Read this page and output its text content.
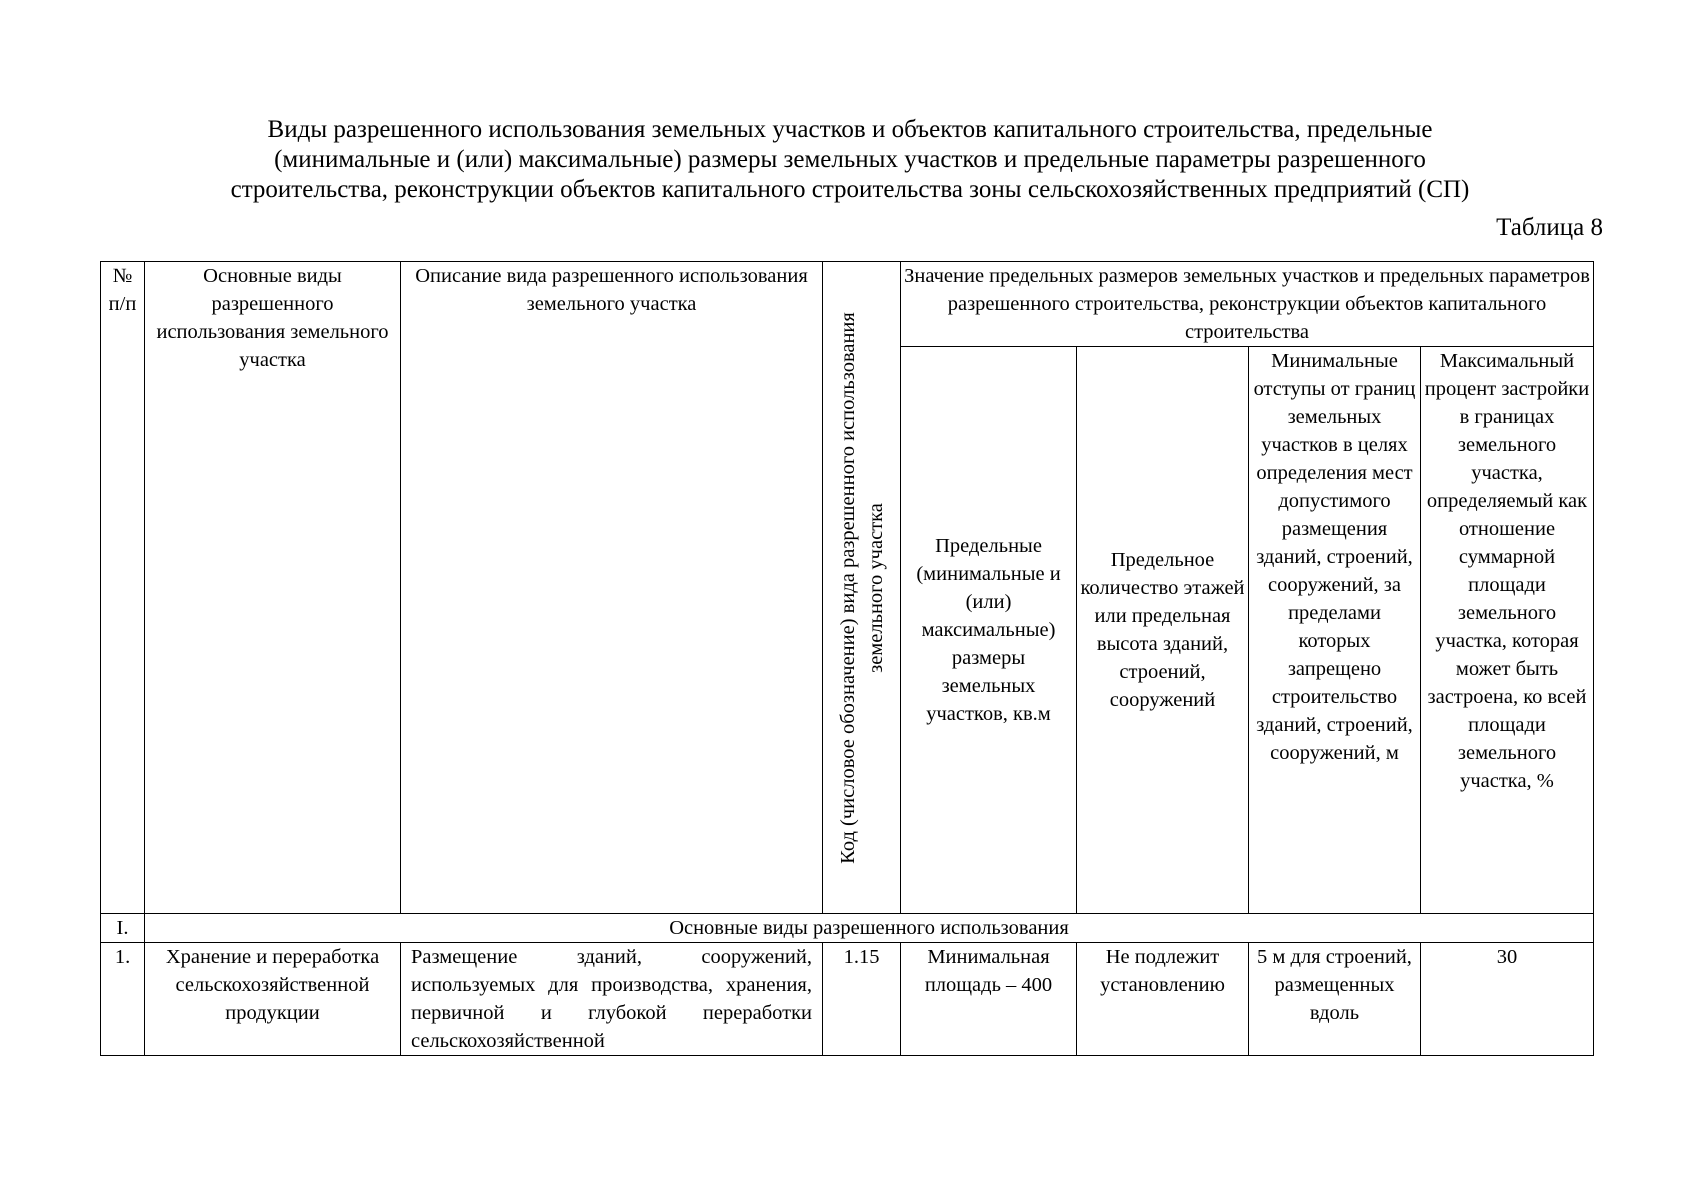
Виды разрешенного использования земельных участков и объектов капитального строительства, предельные
(минимальные и (или) максимальные) размеры земельных участков и предельные параметры разрешенного
строительства, реконструкции объектов капитального строительства зоны сельскохозяйственных предприятий (СП)
Таблица 8
№ п/п	Основные виды разрешенного использования земельного участка	Описание вида разрешенного использования земельного участка	Код (числовое обозначение) вида разрешенного использования земельного участка	Значение предельных размеров земельных участков и предельных параметров разрешенного строительства, реконструкции объектов капитального строительства			
				Предельные (минимальные и (или) максимальные) размеры земельных участков, кв.м	Предельное количество этажей или предельная высота зданий, строений, сооружений	Минимальные отступы от границ земельных участков в целях определения мест допустимого размещения зданий, строений, сооружений, за пределами которых запрещено строительство зданий, строений, сооружений, м	Максимальный процент застройки в границах земельного участка, определяемый как отношение суммарной площади земельного участка, которая может быть застроена, ко всей площади земельного участка, %
I.	Основные виды разрешенного использования						
1.	Хранение и переработка сельскохозяйственной продукции	Размещение зданий, сооружений, используемых для производства, хранения, первичной и глубокой переработки сельскохозяйственной	1.15	Минимальная площадь – 400	Не подлежит установлению	5 м для строений, размещенных вдоль	30
